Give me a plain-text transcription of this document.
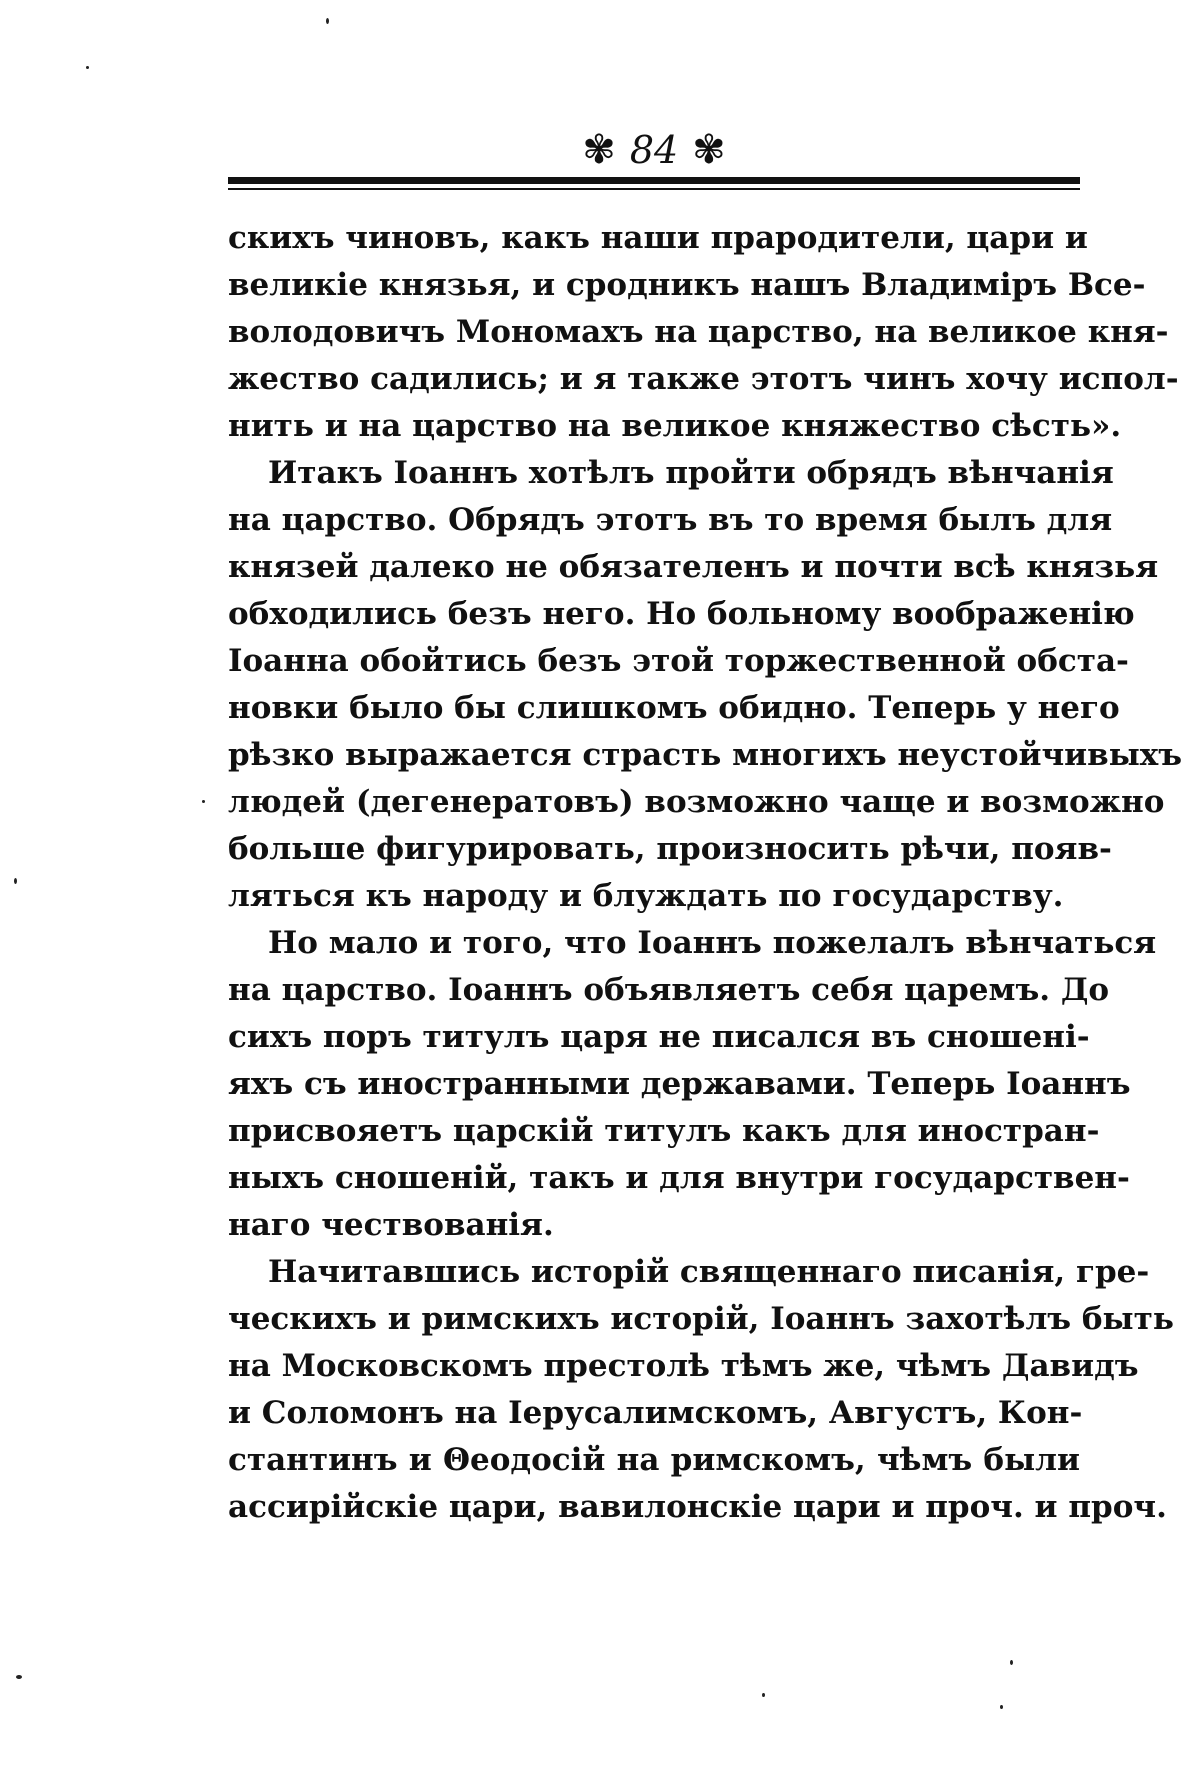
✾ 84 ✾
скихъ чиновъ, какъ наши прародители, цари и
великіе князья, и сродникъ нашъ Владиміръ Все-
володовичъ Мономахъ на царство, на великое кня-
жество садились; и я также этотъ чинъ хочу испол-
нить и на царство на великое княжество сѣсть».
Итакъ Іоаннъ хотѣлъ пройти обрядъ вѣнчанія
на царство. Обрядъ этотъ въ то время былъ для
князей далеко не обязателенъ и почти всѣ князья
обходились безъ него. Но больному воображенію
Іоанна обойтись безъ этой торжественной обста-
новки было бы слишкомъ обидно. Теперь у него
рѣзко выражается страсть многихъ неустойчивыхъ
людей (дегенератовъ) возможно чаще и возможно
больше фигурировать, произносить рѣчи, появ-
ляться къ народу и блуждать по государству.
Но мало и того, что Іоаннъ пожелалъ вѣнчаться
на царство. Іоаннъ объявляетъ себя царемъ. До
сихъ поръ титулъ царя не писался въ сношені-
яхъ съ иностранными державами. Теперь Іоаннъ
присвояетъ царскій титулъ какъ для иностран-
ныхъ сношеній, такъ и для внутри государствен-
наго чествованія.
Начитавшись исторій священнаго писанія, гре-
ческихъ и римскихъ исторій, Іоаннъ захотѣлъ быть
на Московскомъ престолѣ тѣмъ же, чѣмъ Давидъ
и Соломонъ на Іерусалимскомъ, Августъ, Кон-
стантинъ и Θеодосій на римскомъ, чѣмъ были
ассирійскіе цари, вавилонскіе цари и проч. и проч.
